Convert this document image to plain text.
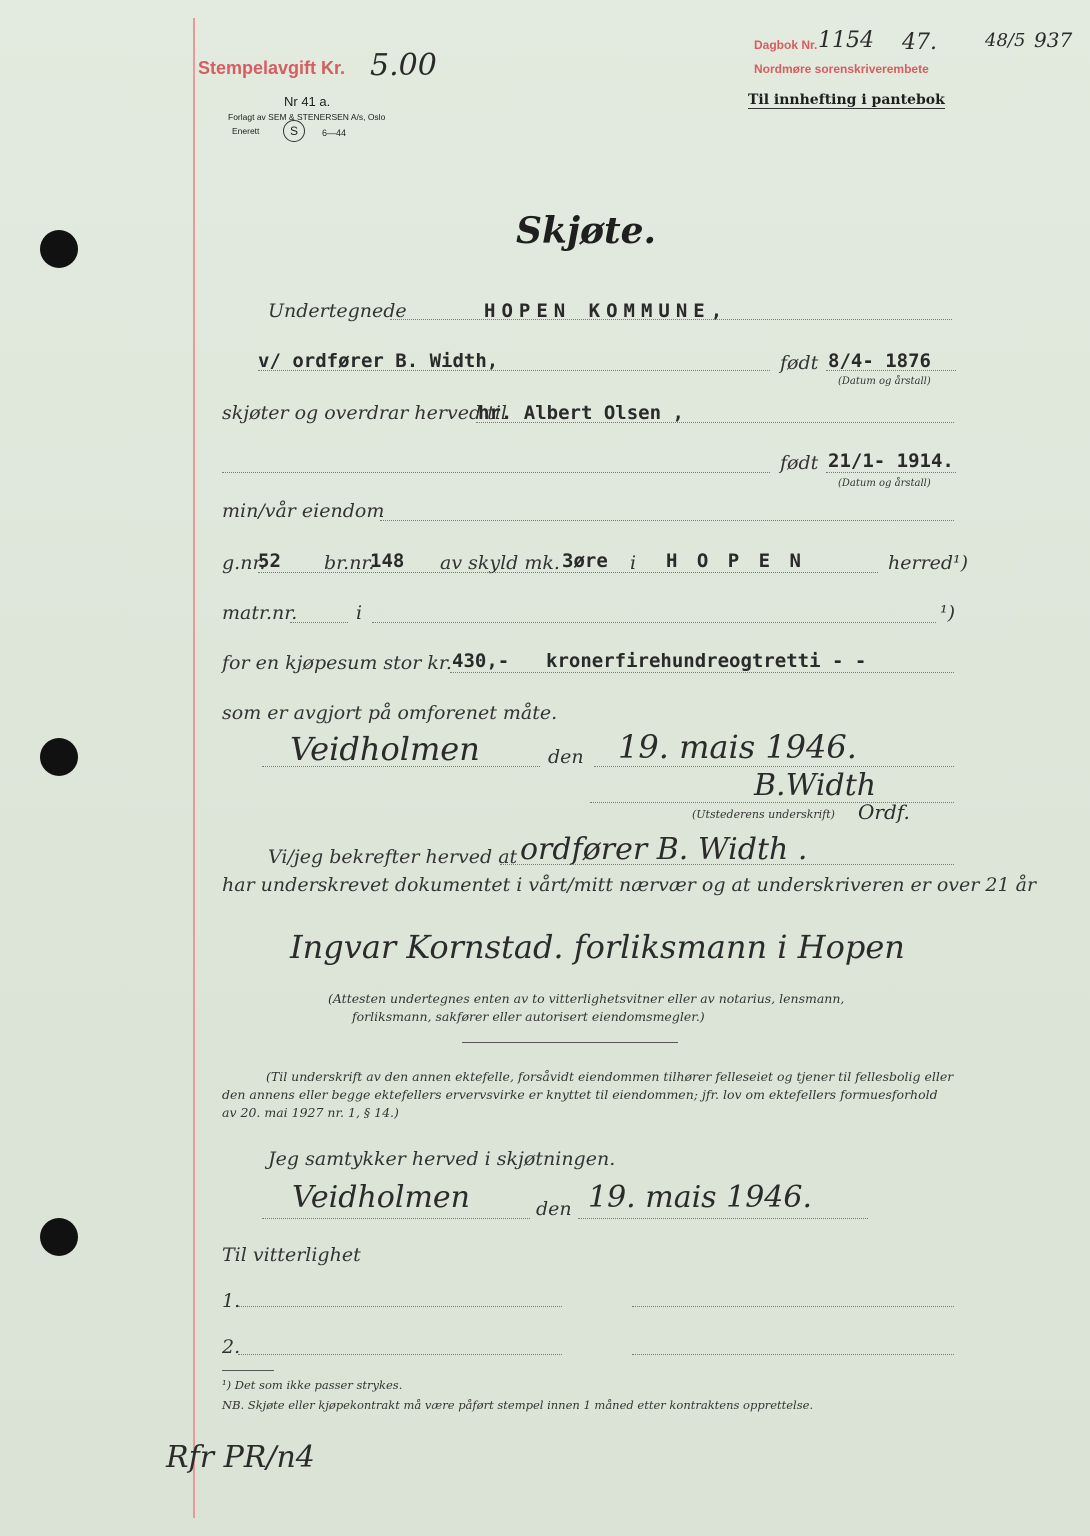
Stempelavgift Kr. 5.00
Nr 41 a.
Forlagt av SEM & STENERSEN A/s, Oslo
Enerett	S	6—44
Dagbok Nr. 1154 47.	48/5 937
Nordmøre sorenskriverembete
Til innhefting i pantebok
Skjøte.
Undertegnede	HOPEN KOMMUNE,
v/ ordfører B. Width,	født 8/4- 1876
(Datum og årstall)
skjøter og overdrar herved til
hr. Albert Olsen ,
født 21/1- 1914.
(Datum og årstall)
min/vår eiendom
g.nr.
52 br.nr.
148 av skyld mk. 3øre i H O P E N	herred¹)
matr.nr.	i	¹)
for en kjøpesum stor kr. 430,- kronerfirehundreogtretti - -
som er avgjort på omforenet måte.
Veidholmen	den 19. mais 1946.
B.Width
(Utstederens underskrift) Ordf.
Vi/jeg bekrefter herved at ordfører B. Width .
har underskrevet dokumentet i vårt/mitt nærvær og at underskriveren er over 21 år
Ingvar Kornstad. forliksmann i Hopen
(Attesten undertegnes enten av to vitterlighetsvitner eller av notarius, lensmann,
forliksmann, sakfører eller autorisert eiendomsmegler.)
(Til underskrift av den annen ektefelle, forsåvidt eiendommen tilhører felleseiet og tjener til fellesbolig eller
den annens eller begge ektefellers ervervsvirke er knyttet til eiendommen; jfr. lov om ektefellers formuesforhold
av 20. mai 1927 nr. 1, § 14.)
Jeg samtykker herved i skjøtningen.
Veidholmen	den 19. mais 1946.
Til vitterlighet
1.
2.
¹) Det som ikke passer strykes.
NB. Skjøte eller kjøpekontrakt må være påført stempel innen 1 måned etter kontraktens opprettelse.
Rfr PR/n4
